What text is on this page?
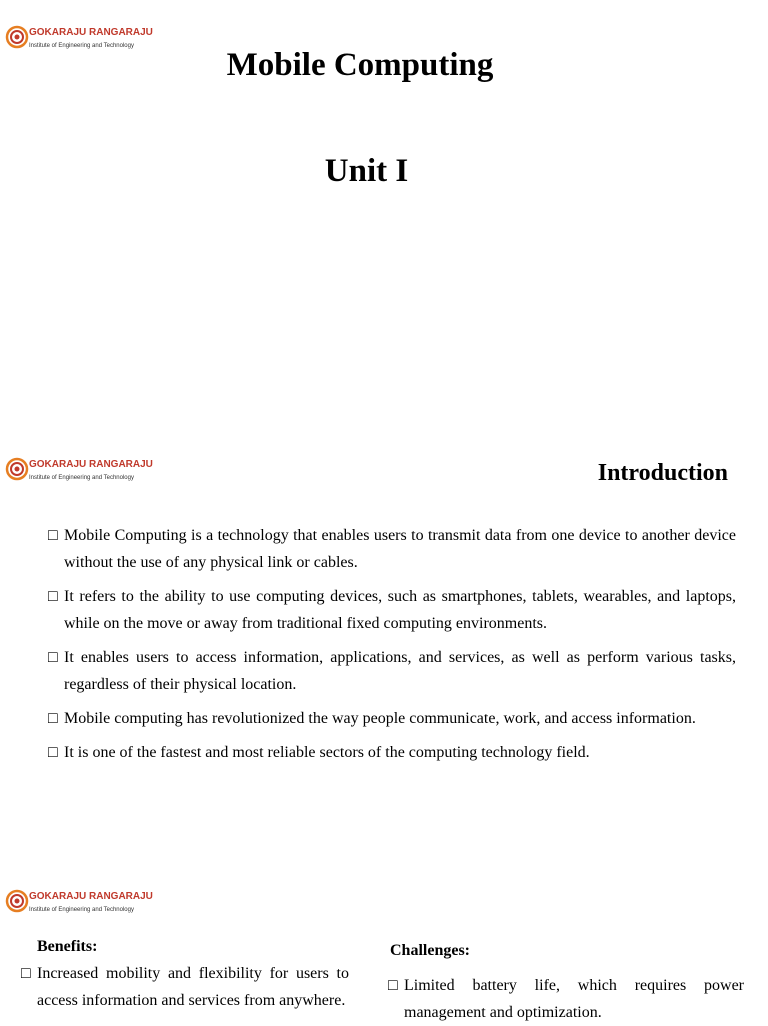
GOKARAJU RANGARAJU
Institute of Engineering and Technology
Mobile Computing
Unit I
GOKARAJU RANGARAJU
Institute of Engineering and Technology	Introduction
□ Mobile Computing is a technology that enables users to transmit data from one device to another device without the use of any physical link or cables.
□ It refers to the ability to use computing devices, such as smartphones, tablets, wearables, and laptops, while on the move or away from traditional fixed computing environments.
□ It enables users to access information, applications, and services, as well as perform various tasks, regardless of their physical location.
□ Mobile computing has revolutionized the way people communicate, work, and access information.
□ It is one of the fastest and most reliable sectors of the computing technology field.
GOKARAJU RANGARAJU
Institute of Engineering and Technology
Benefits:
□ Increased mobility and flexibility for users to access information and services from anywhere.
Challenges:
□ Limited battery life, which requires power management and optimization.
